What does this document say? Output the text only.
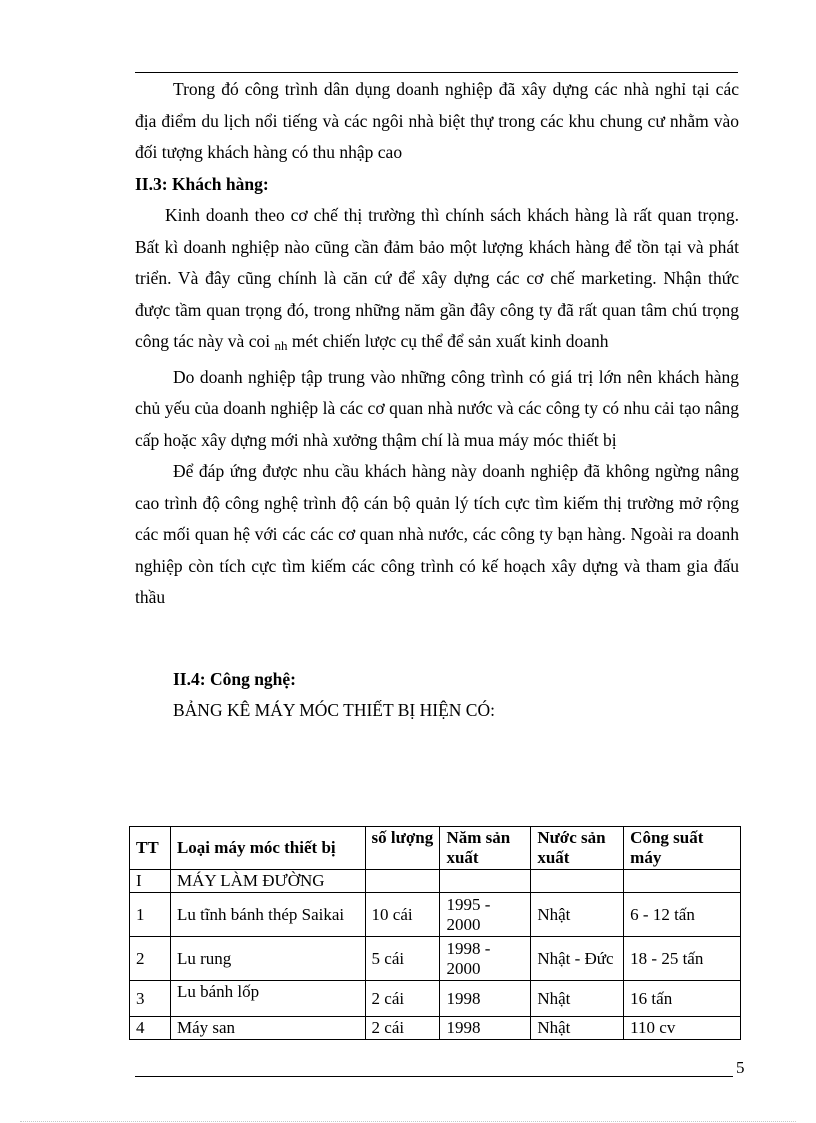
Trong đó công trình dân dụng doanh nghiệp đã xây dựng các nhà nghỉ tại các địa điểm du lịch nổi tiếng và các ngôi nhà biệt thự trong các khu chung cư nhằm vào đối tượng khách hàng có thu nhập cao

II.3: Khách hàng:

Kinh doanh theo cơ chế thị trường thì chính sách khách hàng là rất quan trọng. Bất kì doanh nghiệp nào cũng cần đảm bảo một lượng khách hàng để tồn tại và phát triển. Và đây cũng chính là căn cứ để xây dựng các cơ chế marketing. Nhận thức được tầm quan trọng đó, trong những năm gần đây công ty đã rất quan tâm chú trọng công tác này và coi $_{nh}$ mét chiến lược cụ thể để sản xuất kinh doanh

Do doanh nghiệp tập trung vào những công trình có giá trị lớn nên khách hàng chủ yếu của doanh nghiệp là các cơ quan nhà nước và các công ty có nhu cải tạo nâng cấp hoặc xây dựng mới nhà xưởng thậm chí là mua máy móc thiết bị

Để đáp ứng được nhu cầu khách hàng này doanh nghiệp đã không ngừng nâng cao trình độ công nghệ trình độ cán bộ quản lý tích cực tìm kiếm thị trường mở rộng các mối quan hệ với các các cơ quan nhà nước, các công ty bạn hàng. Ngoài ra doanh nghiệp còn tích cực tìm kiếm các công trình có kế hoạch xây dựng và tham gia đấu thầu

II.4: Công nghệ:

BẢNG KÊ MÁY MÓC THIẾT BỊ HIỆN CÓ:

TT	Loại máy móc thiết bị	số lượng	Năm sản xuất	Nước sản xuất	Công suất máy
I	MÁY LÀM ĐƯỜNG				
1	Lu tĩnh bánh thép Saikai	10 cái	1995 - 2000	Nhật	6 - 12 tấn
2	Lu rung	5 cái	1998 - 2000	Nhật - Đức	18 - 25 tấn
3	Lu bánh lốp	2 cái	1998	Nhật	16 tấn
4	Máy san	2 cái	1998	Nhật	110 cv
5
